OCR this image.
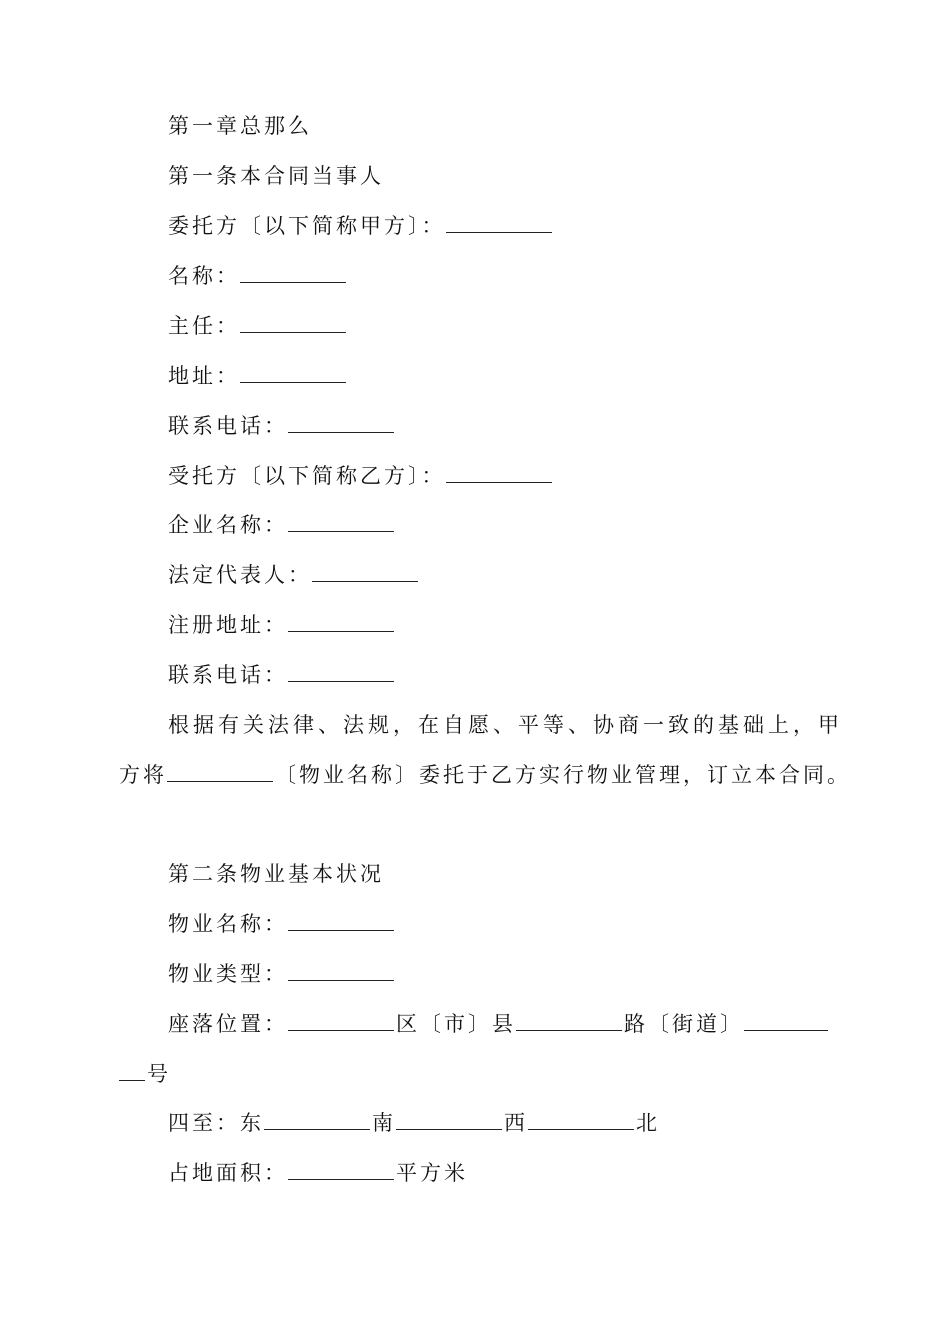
第一章总那么
第一条本合同当事人
委托方〔以下简称甲方〕：
名称：
主任：
地址：
联系电话：
受托方〔以下简称乙方〕：
企业名称：
法定代表人：
注册地址：
联系电话：
根据有关法律、法规，在自愿、平等、协商一致的基础上，甲
方将	〔物业名称〕委托于乙方实行物业管理，订立本合同。
第二条物业基本状况
物业名称：
物业类型：
座落位置：	区〔市〕县	路〔街道〕
号
四至：东	南	西	北
占地面积：	平方米
